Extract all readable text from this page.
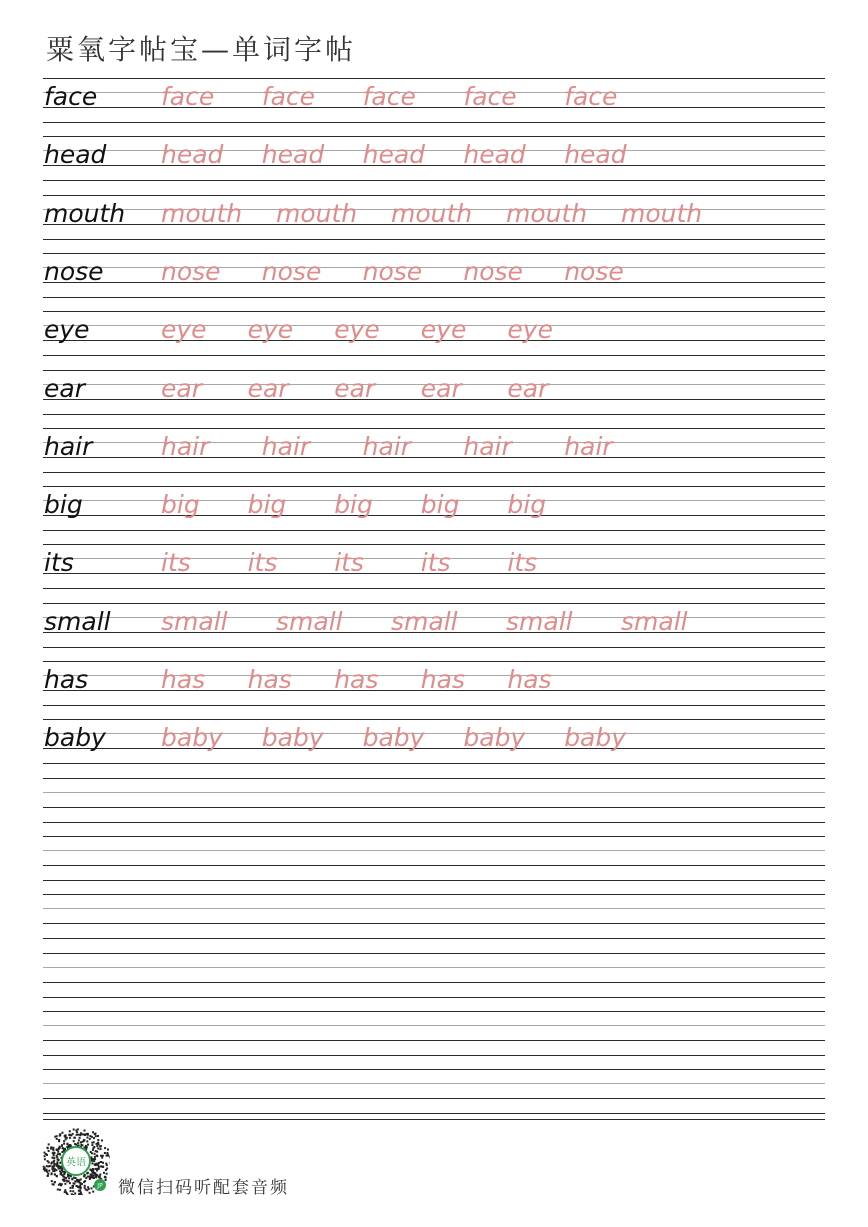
粟氧字帖宝—单词字帖
face	face face face face face
head head head head head head
mouth mouth mouth mouth mouth mouth
nose nose nose nose nose nose
eye	eye eye eye eye eye
ear	ear ear ear ear ear
hair	hair hair hair hair hair
big	big big big big big
its	its its its its its
small small small small small small
has	has has has has has
baby baby baby baby baby baby
英语
JP 微信扫码听配套音频
